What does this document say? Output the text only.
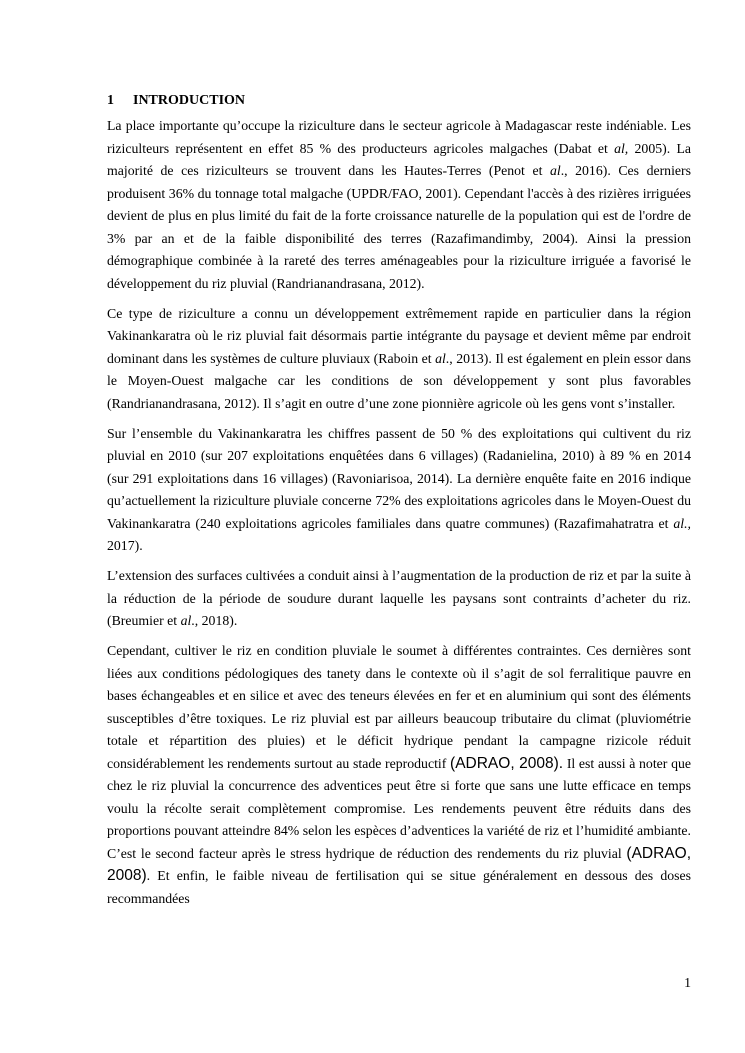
1 INTRODUCTION

La place importante qu’occupe la riziculture dans le secteur agricole à Madagascar reste indéniable. Les riziculteurs représentent en effet 85 % des producteurs agricoles malgaches (Dabat et al, 2005). La majorité de ces riziculteurs se trouvent dans les Hautes-Terres (Penot et al., 2016). Ces derniers produisent 36% du tonnage total malgache (UPDR/FAO, 2001). Cependant l'accès à des rizières irriguées devient de plus en plus limité du fait de la forte croissance naturelle de la population qui est de l'ordre de 3% par an et de la faible disponibilité des terres (Razafimandimby, 2004). Ainsi la pression démographique combinée à la rareté des terres aménageables pour la riziculture irriguée a favorisé le développement du riz pluvial (Randrianandrasana, 2012).

Ce type de riziculture a connu un développement extrêmement rapide en particulier dans la région Vakinankaratra où le riz pluvial fait désormais partie intégrante du paysage et devient même par endroit dominant dans les systèmes de culture pluviaux (Raboin et al., 2013). Il est également en plein essor dans le Moyen-Ouest malgache car les conditions de son développement y sont plus favorables (Randrianandrasana, 2012). Il s’agit en outre d’une zone pionnière agricole où les gens vont s’installer.

Sur l’ensemble du Vakinankaratra les chiffres passent de 50 % des exploitations qui cultivent du riz pluvial en 2010 (sur 207 exploitations enquêtées dans 6 villages) (Radanielina, 2010) à 89 % en 2014 (sur 291 exploitations dans 16 villages) (Ravoniarisoa, 2014). La dernière enquête faite en 2016 indique qu’actuellement la riziculture pluviale concerne 72% des exploitations agricoles dans le Moyen-Ouest du Vakinankaratra (240 exploitations agricoles familiales dans quatre communes) (Razafimahatratra et al., 2017).

L’extension des surfaces cultivées a conduit ainsi à l’augmentation de la production de riz et par la suite à la réduction de la période de soudure durant laquelle les paysans sont contraints d’acheter du riz.(Breumier et al., 2018).

Cependant, cultiver le riz en condition pluviale le soumet à différentes contraintes. Ces dernières sont liées aux conditions pédologiques des tanety dans le contexte où il s’agit de sol ferralitique pauvre en bases échangeables et en silice et avec des teneurs élevées en fer et en aluminium qui sont des éléments susceptibles d’être toxiques. Le riz pluvial est par ailleurs beaucoup tributaire du climat (pluviométrie totale et répartition des pluies) et le déficit hydrique pendant la campagne rizicole réduit considérablement les rendements surtout au stade reproductif (ADRAO, 2008). Il est aussi à noter que chez le riz pluvial la concurrence des adventices peut être si forte que sans une lutte efficace en temps voulu la récolte serait complètement compromise. Les rendements peuvent être réduits dans des proportions pouvant atteindre 84% selon les espèces d’adventices la variété de riz et l’humidité ambiante. C’est le second facteur après le stress hydrique de réduction des rendements du riz pluvial (ADRAO, 2008). Et enfin, le faible niveau de fertilisation qui se situe généralement en dessous des doses recommandées

1
